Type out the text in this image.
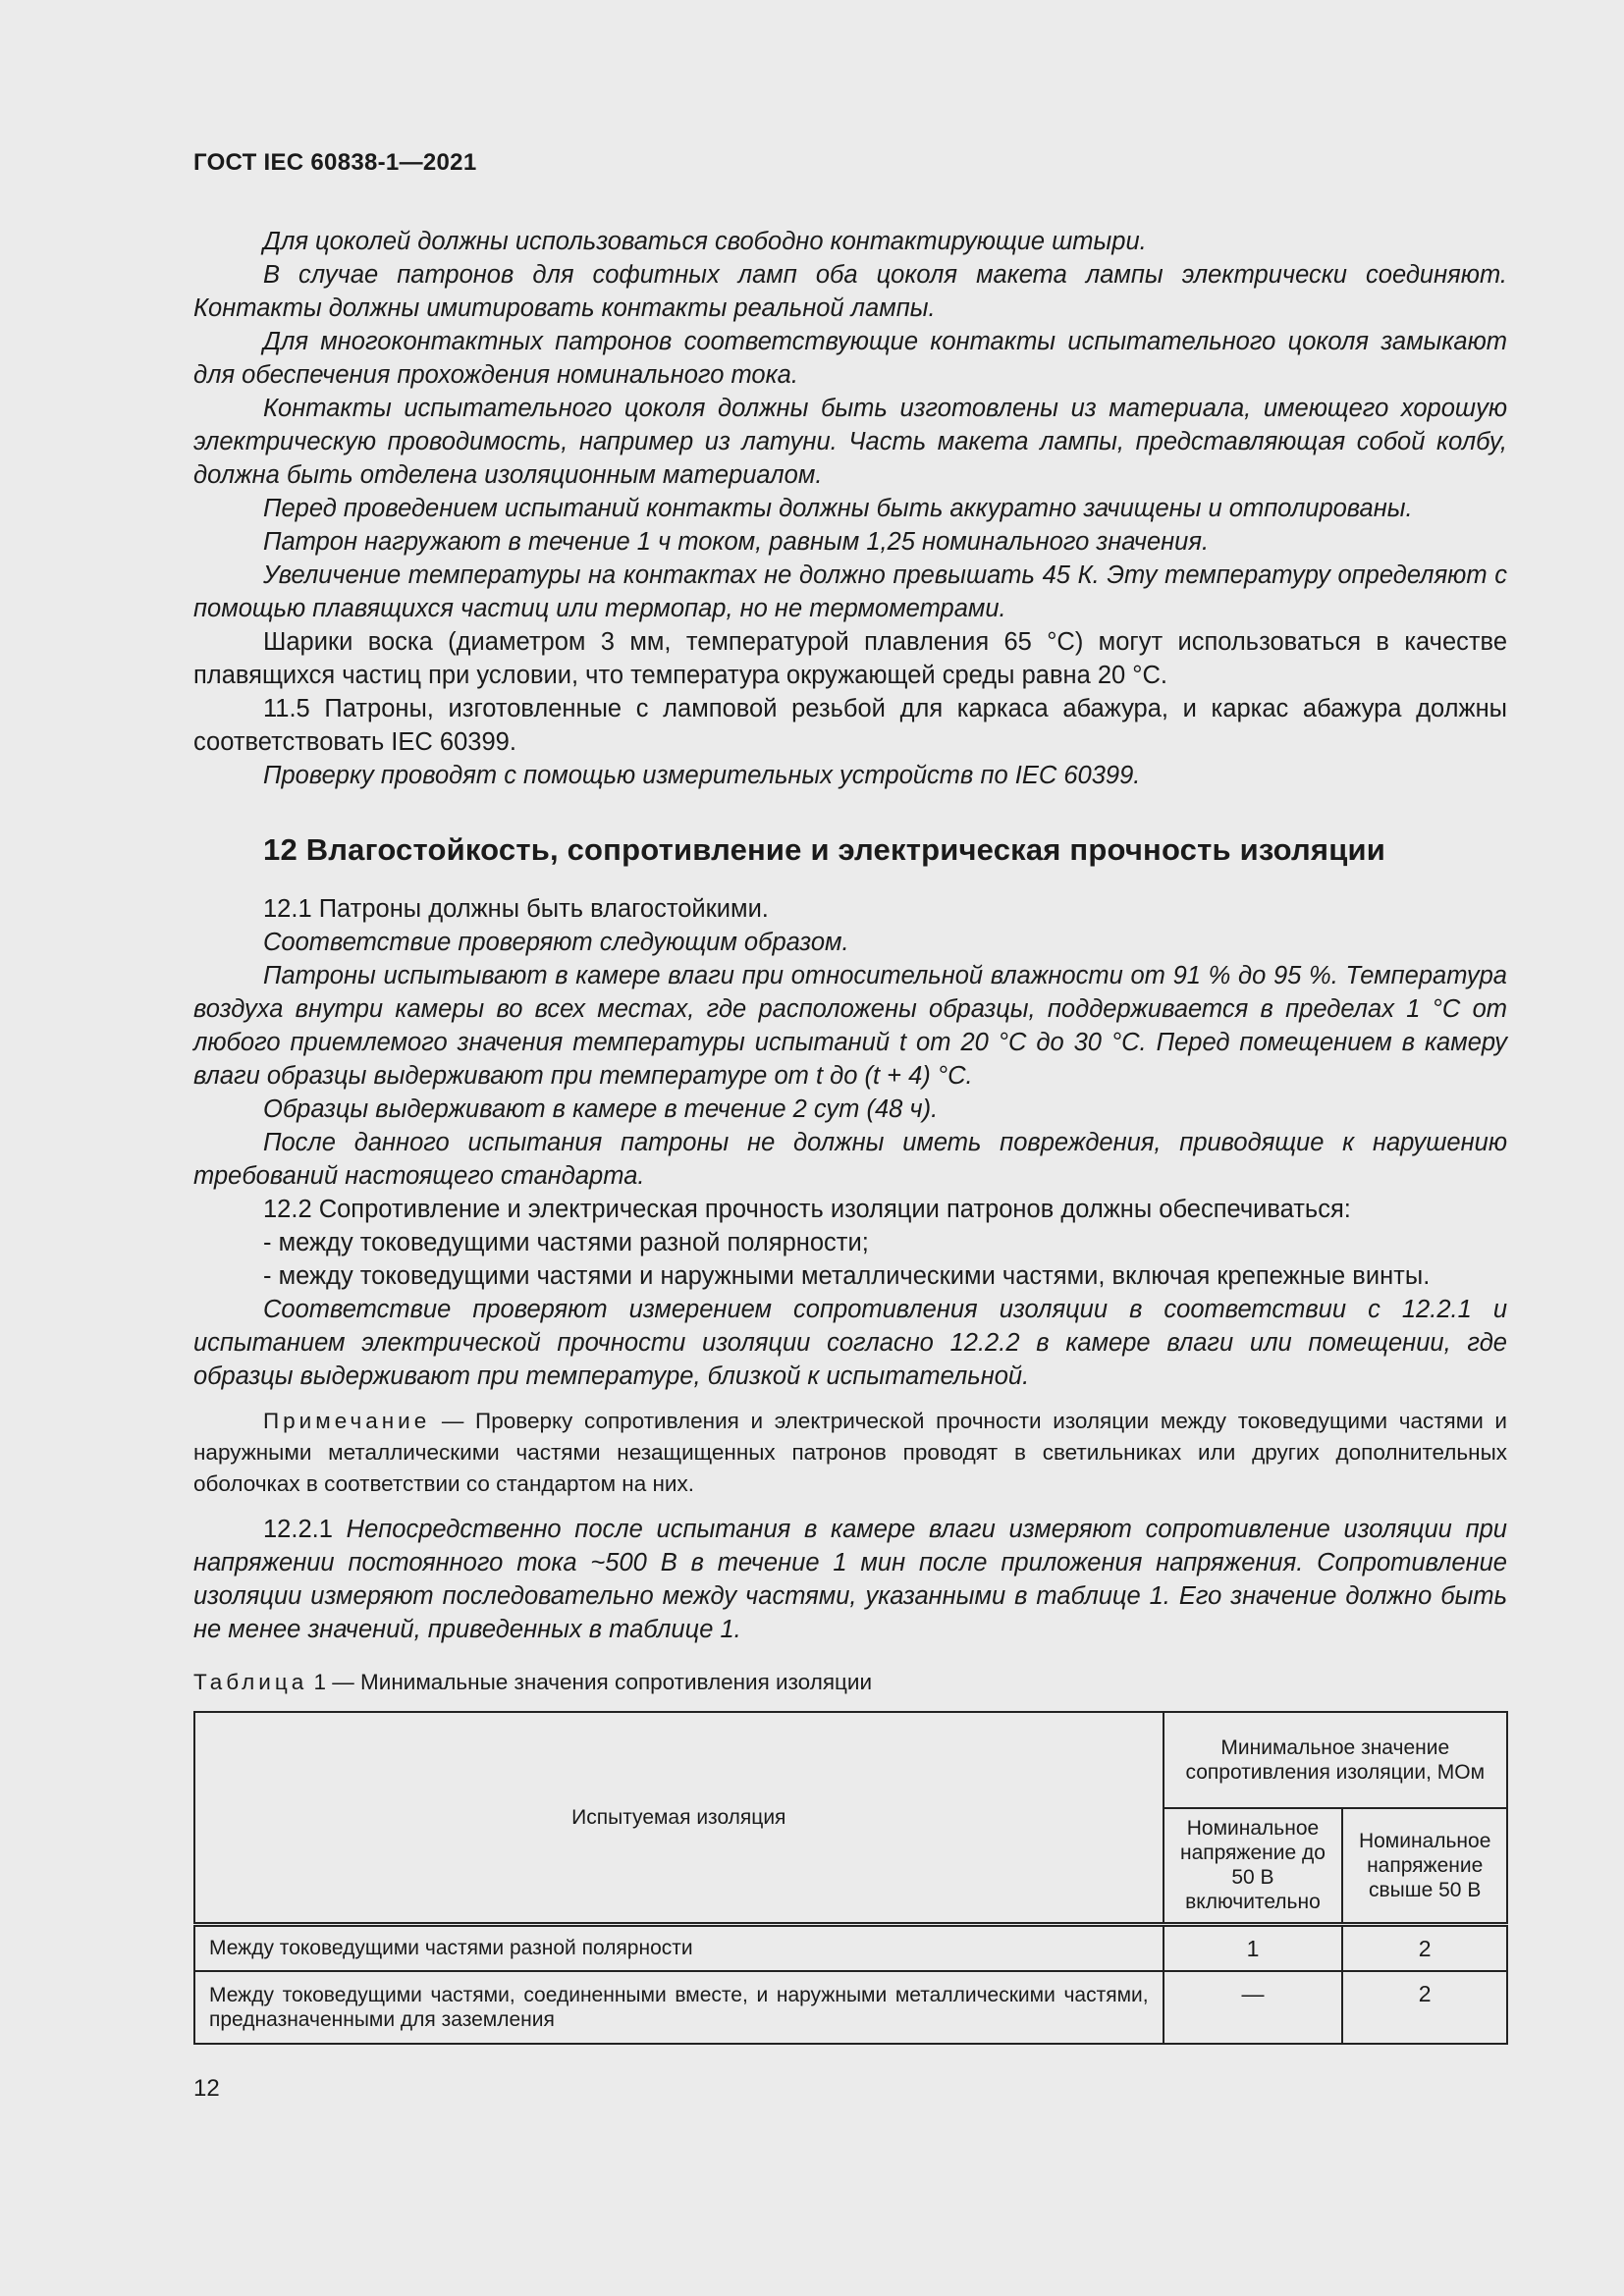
ГОСТ IEC 60838-1—2021

Для цоколей должны использоваться свободно контактирующие штыри.

В случае патронов для софитных ламп оба цоколя макета лампы электрически соединяют. Контакты должны имитировать контакты реальной лампы.

Для многоконтактных патронов соответствующие контакты испытательного цоколя замыкают для обеспечения прохождения номинального тока.

Контакты испытательного цоколя должны быть изготовлены из материала, имеющего хорошую электрическую проводимость, например из латуни. Часть макета лампы, представляющая собой колбу, должна быть отделена изоляционным материалом.

Перед проведением испытаний контакты должны быть аккуратно зачищены и отполированы.

Патрон нагружают в течение 1 ч током, равным 1,25 номинального значения.

Увеличение температуры на контактах не должно превышать 45 К. Эту температуру определяют с помощью плавящихся частиц или термопар, но не термометрами.

Шарики воска (диаметром 3 мм, температурой плавления 65 °С) могут использоваться в качестве плавящихся частиц при условии, что температура окружающей среды равна 20 °С.

11.5 Патроны, изготовленные с ламповой резьбой для каркаса абажура, и каркас абажура должны соответствовать IEC 60399.

Проверку проводят с помощью измерительных устройств по IEC 60399.

12 Влагостойкость, сопротивление и электрическая прочность изоляции

12.1 Патроны должны быть влагостойкими.

Соответствие проверяют следующим образом.

Патроны испытывают в камере влаги при относительной влажности от 91 % до 95 %. Температура воздуха внутри камеры во всех местах, где расположены образцы, поддерживается в пределах 1 °С от любого приемлемого значения температуры испытаний t от 20 °С до 30 °С. Перед помещением в камеру влаги образцы выдерживают при температуре от t до (t + 4) °С.

Образцы выдерживают в камере в течение 2 сут (48 ч).

После данного испытания патроны не должны иметь повреждения, приводящие к нарушению требований настоящего стандарта.

12.2 Сопротивление и электрическая прочность изоляции патронов должны обеспечиваться:

- между токоведущими частями разной полярности;

- между токоведущими частями и наружными металлическими частями, включая крепежные винты.

Соответствие проверяют измерением сопротивления изоляции в соответствии с 12.2.1 и испытанием электрической прочности изоляции согласно 12.2.2 в камере влаги или помещении, где образцы выдерживают при температуре, близкой к испытательной.

Примечание — Проверку сопротивления и электрической прочности изоляции между токоведущими частями и наружными металлическими частями незащищенных патронов проводят в светильниках или других дополнительных оболочках в соответствии со стандартом на них.

12.2.1 Непосредственно после испытания в камере влаги измеряют сопротивление изоляции при напряжении постоянного тока ~500 В в течение 1 мин после приложения напряжения. Сопротивление изоляции измеряют последовательно между частями, указанными в таблице 1. Его значение должно быть не менее значений, приведенных в таблице 1.

Таблица 1 — Минимальные значения сопротивления изоляции
Испытуемая изоляция	Минимальное значение сопротивления изоляции, МОм	
	Номинальное напряжение до 50 В включительно	Номинальное напряжение свыше 50 В
Между токоведущими частями разной полярности	1	2
Между токоведущими частями, соединенными вместе, и наружными металлическими частями, предназначенными для заземления	—	2
12
